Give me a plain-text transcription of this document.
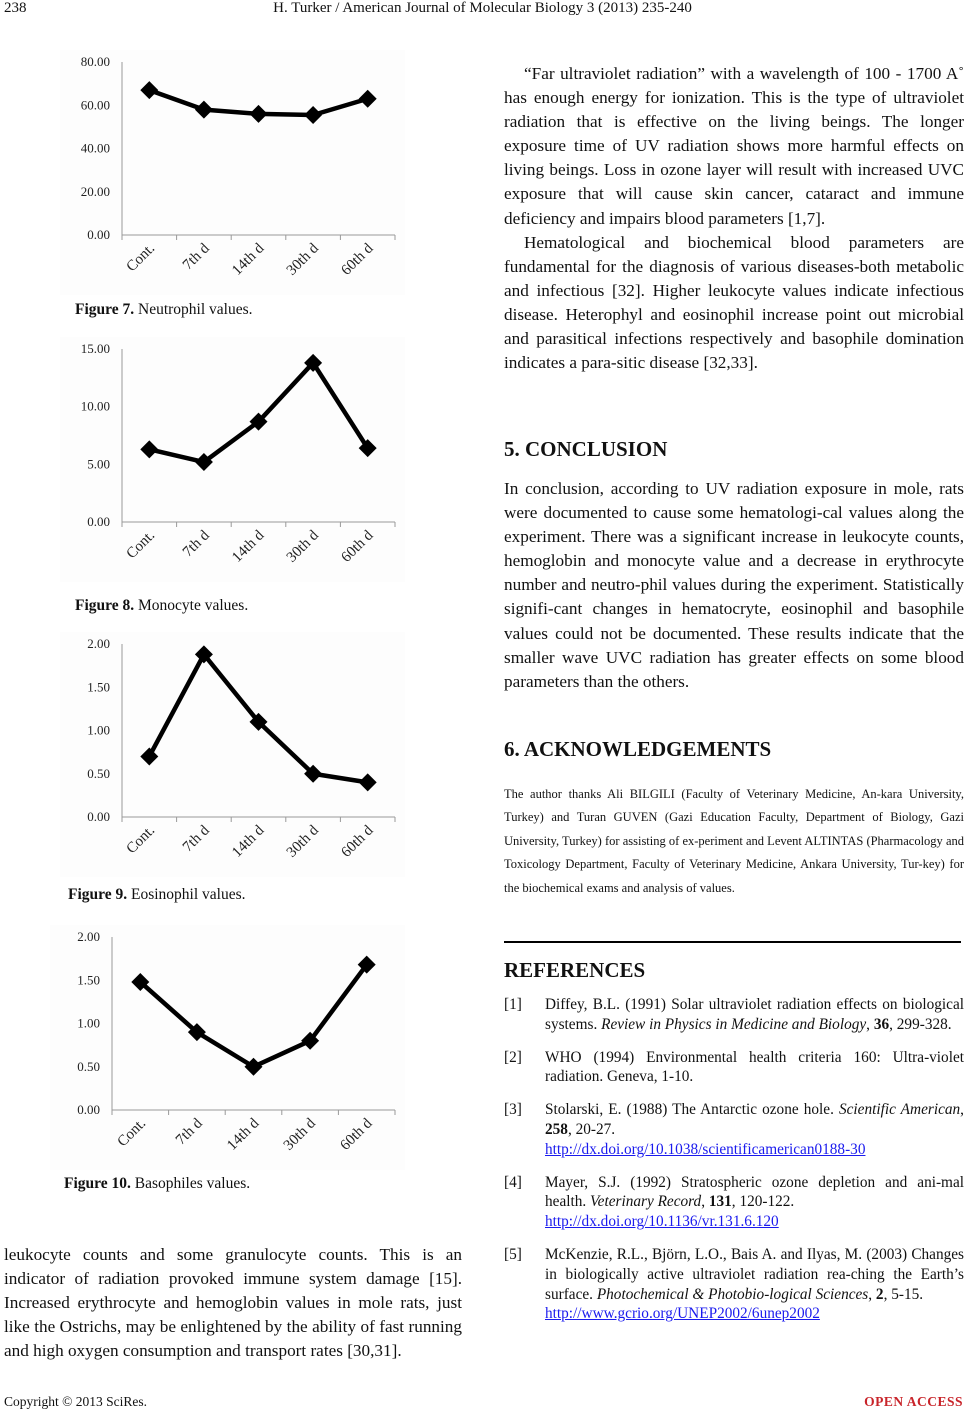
238	H. Turker / American Journal of Molecular Biology 3 (2013) 235-240
0.00
20.00
40.00
60.00
80.00
Cont. 7th d 14th d 30th d 60th d
Figure 7. Neutrophil values.
0.00
5.00
10.00
15.00
Cont. 7th d 14th d 30th d 60th d
Figure 8. Monocyte values.
0.00
0.50
1.00
1.50
2.00
Cont. 7th d 14th d 30th d 60th d
Figure 9. Eosinophil values.
0.00
0.50
1.00
1.50
2.00
Cont. 7th d 14th d 30th d 60th d
Figure 10. Basophiles values.

leukocyte counts and some granulocyte counts. This is an indicator of radiation provoked immune system damage [15]. Increased erythrocyte and hemoglobin values in mole rats, just like the Ostrichs, may be enlightened by the ability of fast running and high oxygen consumption and transport rates [30,31].

“Far ultraviolet radiation” with a wavelength of 100 - 1700 A˚ has enough energy for ionization. This is the type of ultraviolet radiation that is effective on the living beings. The longer exposure time of UV radiation shows more harmful effects on living beings. Loss in ozone layer will result with increased UVC exposure that will cause skin cancer, cataract and immune deficiency and impairs blood parameters [1,7].

Hematological and biochemical blood parameters are fundamental for the diagnosis of various diseases-both metabolic and infectious [32]. Higher leukocyte values indicate infectious disease. Heterophyl and eosinophil increase point out microbial and parasitical infections respectively and basophile domination indicates a para-sitic disease [32,33].

5. CONCLUSION

In conclusion, according to UV radiation exposure in mole, rats were documented to cause some hematologi-cal values along the experiment. There was a significant increase in leukocyte counts, hemoglobin and monocyte value and a decrease in erythrocyte number and neutro-phil values during the experiment. Statistically signifi-cant changes in hematocryte, eosinophil and basophile values could not be documented. These results indicate that the smaller wave UVC radiation has greater effects on some blood parameters than the others.

6. ACKNOWLEDGEMENTS
The author thanks Ali BILGILI (Faculty of Veterinary Medicine, An-kara University, Turkey) and Turan GUVEN (Gazi Education Faculty, Department of Biology, Gazi University, Turkey) for assisting of ex-periment and Levent ALTINTAS (Pharmacology and Toxicology Department, Faculty of Veterinary Medicine, Ankara University, Tur-key) for the biochemical exams and analysis of values.
REFERENCES
[1] Diffey, B.L. (1991) Solar ultraviolet radiation effects on biological systems. Review in Physics in Medicine and Biology, 36, 299-328.
[2] WHO (1994) Environmental health criteria 160: Ultra-violet radiation. Geneva, 1-10.
[3] Stolarski, E. (1988) The Antarctic ozone hole. Scientific American, 258, 20-27.
http://dx.doi.org/10.1038/scientificamerican0188-30
[4] Mayer, S.J. (1992) Stratospheric ozone depletion and ani-mal health. Veterinary Record, 131, 120-122.
http://dx.doi.org/10.1136/vr.131.6.120
[5] McKenzie, R.L., Björn, L.O., Bais A. and Ilyas, M. (2003) Changes in biologically active ultraviolet radiation rea-ching the Earth’s surface. Photochemical & Photobio-logical Sciences, 2, 5-15.
http://www.gcrio.org/UNEP2002/6unep2002
Copyright © 2013 SciRes.	OPEN ACCESS
